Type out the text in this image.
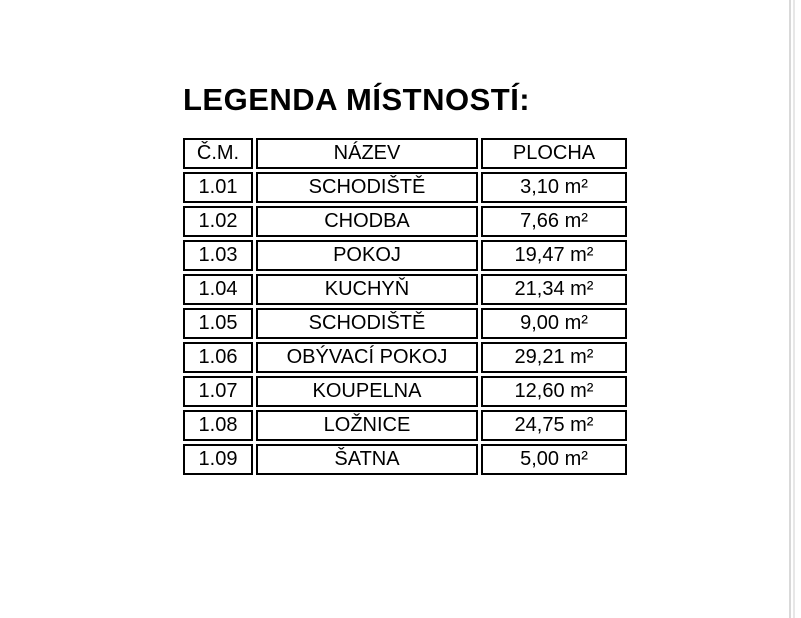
LEGENDA MÍSTNOSTÍ:
Č.M.	NÁZEV	PLOCHA
1.01	SCHODIŠTĚ	3,10 m²
1.02	CHODBA	7,66 m²
1.03	POKOJ	19,47 m²
1.04	KUCHYŇ	21,34 m²
1.05	SCHODIŠTĚ	9,00 m²
1.06	OBÝVACÍ POKOJ	29,21 m²
1.07	KOUPELNA	12,60 m²
1.08	LOŽNICE	24,75 m²
1.09	ŠATNA	5,00 m²
